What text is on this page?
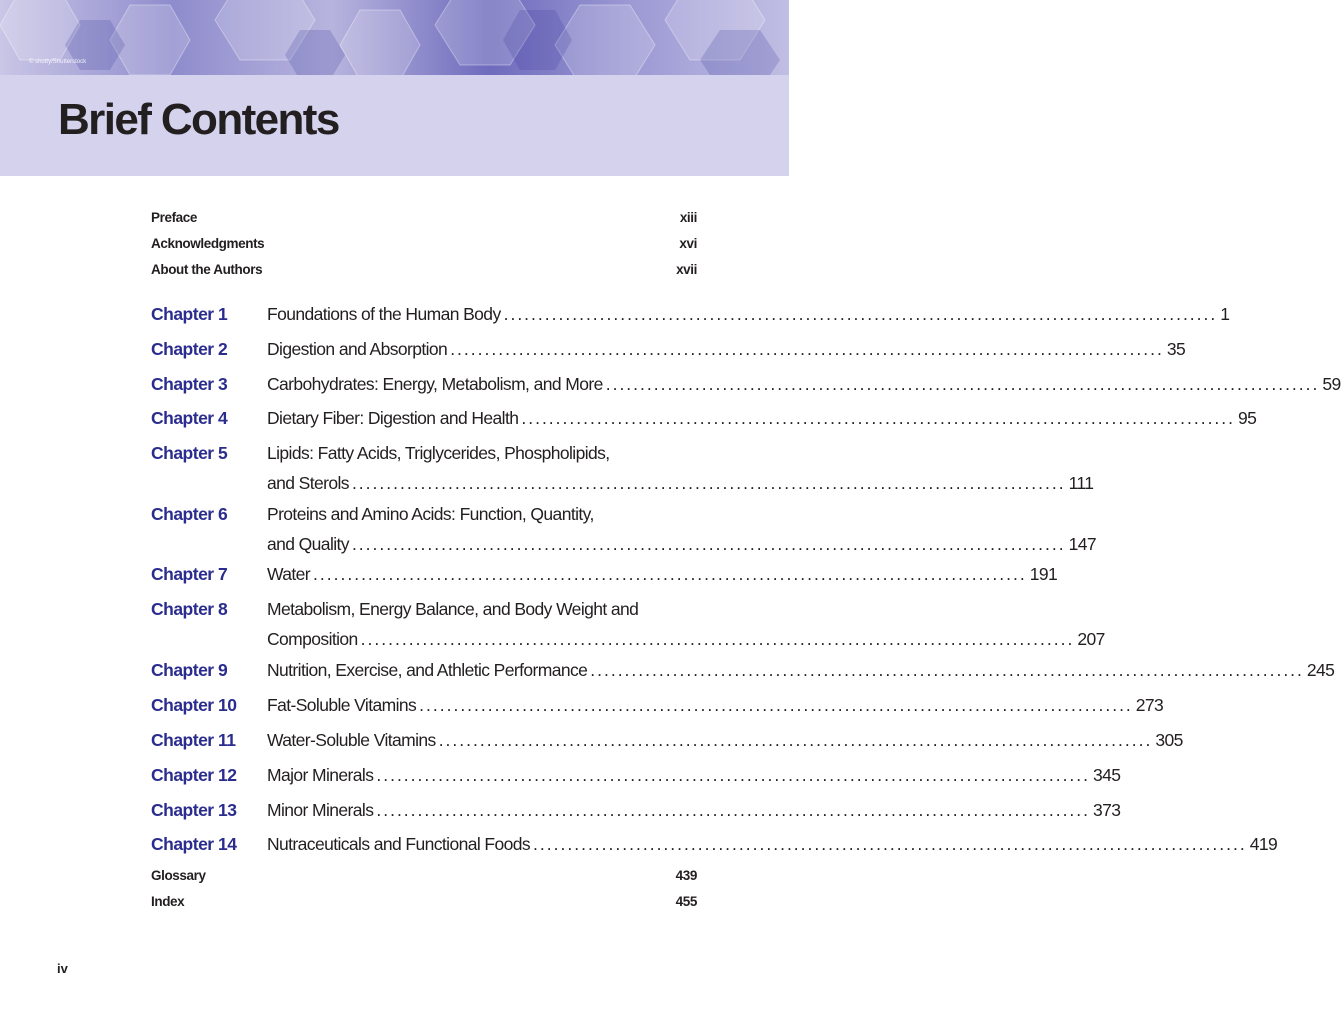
© shotty/Shutterstock
Brief Contents
Preface	xiii
Acknowledgments	xvi
About the Authors	xvii
Chapter 1 Foundations of the Human Body ........................................................................................................ 1
Chapter 2 Digestion and Absorption ........................................................................................................ 35
Chapter 3 Carbohydrates: Energy, Metabolism, and More ........................................................................................................ 59
Chapter 4 Dietary Fiber: Digestion and Health ........................................................................................................ 95
Chapter 5 Lipids: Fatty Acids, Triglycerides, Phospholipids,
and Sterols ........................................................................................................ 111
Chapter 6 Proteins and Amino Acids: Function, Quantity,
and Quality ........................................................................................................ 147
Chapter 7 Water ........................................................................................................ 191
Chapter 8 Metabolism, Energy Balance, and Body Weight and
Composition ........................................................................................................ 207
Chapter 9 Nutrition, Exercise, and Athletic Performance ........................................................................................................ 245
Chapter 10 Fat-Soluble Vitamins ........................................................................................................ 273
Chapter 11 Water-Soluble Vitamins ........................................................................................................ 305
Chapter 12 Major Minerals ........................................................................................................ 345
Chapter 13 Minor Minerals ........................................................................................................ 373
Chapter 14 Nutraceuticals and Functional Foods ........................................................................................................ 419
Glossary	439
Index	455
iv
